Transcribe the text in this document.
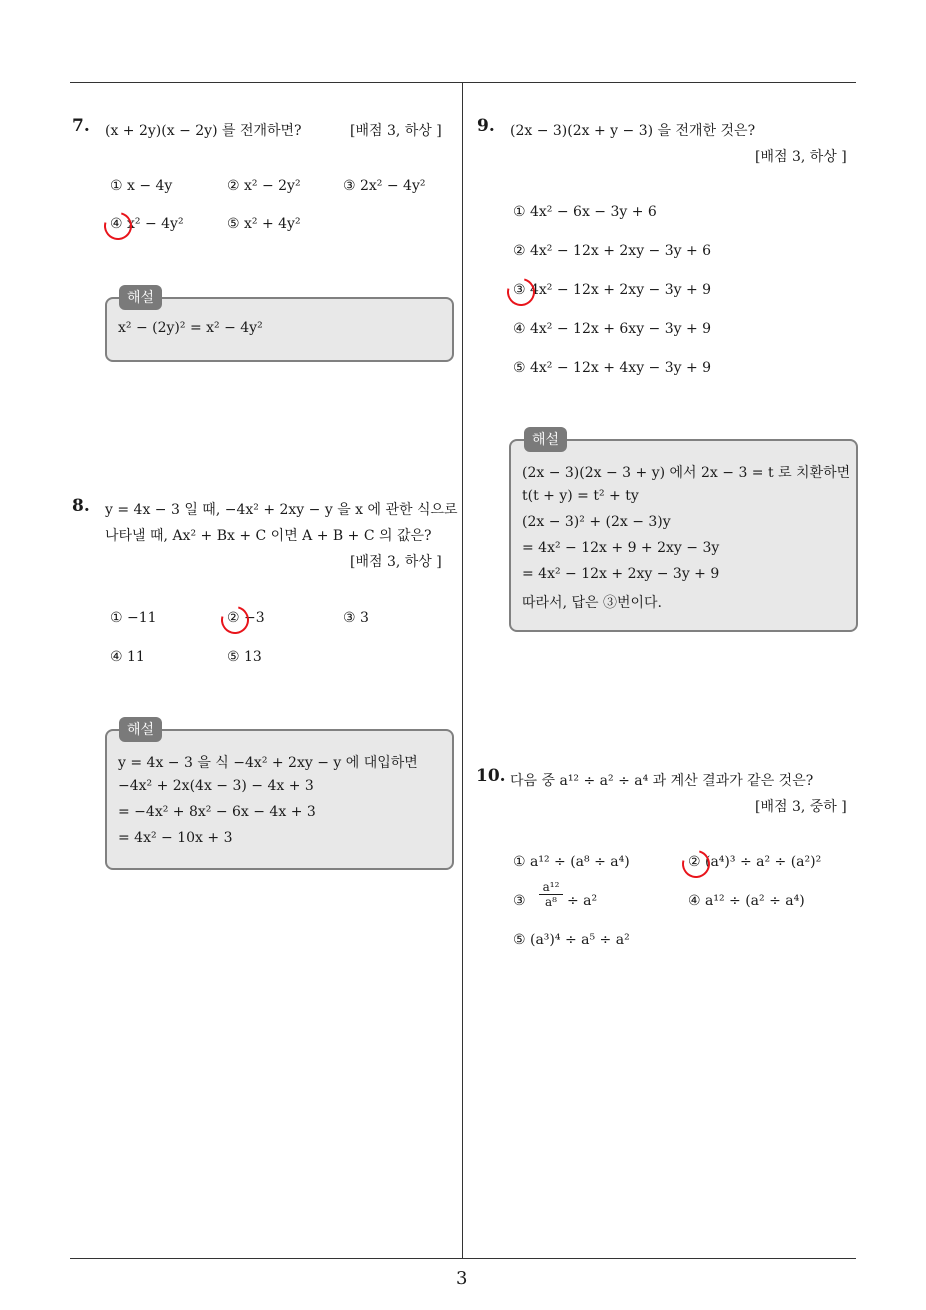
7. (x + 2y)(x − 2y) 를 전개하면?	[배점 3, 하상 ]
① x − 4y	② x² − 2y²	③ 2x² − 4y²
④ x² − 4y²	⑤ x² + 4y²
해설
x² − (2y)² = x² − 4y²
8. y = 4x − 3 일 때, −4x² + 2xy − y 을 x 에 관한 식으로
나타낼 때, Ax² + Bx + C 이면 A + B + C 의 값은?
[배점 3, 하상 ]
① −11	② −3	③ 3
④ 11	⑤ 13
해설
y = 4x − 3 을 식 −4x² + 2xy − y 에 대입하면
−4x² + 2x(4x − 3) − 4x + 3
= −4x² + 8x² − 6x − 4x + 3
= 4x² − 10x + 3
9. (2x − 3)(2x + y − 3) 을 전개한 것은?
[배점 3, 하상 ]
① 4x² − 6x − 3y + 6
② 4x² − 12x + 2xy − 3y + 6
③ 4x² − 12x + 2xy − 3y + 9
④ 4x² − 12x + 6xy − 3y + 9
⑤ 4x² − 12x + 4xy − 3y + 9
해설
(2x − 3)(2x − 3 + y) 에서 2x − 3 = t 로 치환하면
t(t + y) = t² + ty
(2x − 3)² + (2x − 3)y
= 4x² − 12x + 9 + 2xy − 3y
= 4x² − 12x + 2xy − 3y + 9
따라서, 답은 ③번이다.
10. 다음 중 a¹² ÷ a² ÷ a⁴ 과 계산 결과가 같은 것은?
[배점 3, 중하 ]
① a¹² ÷ (a⁸ ÷ a⁴)	② (a⁴)³ ÷ a² ÷ (a²)²
③ $\frac{\text{a¹²}}{\text{a⁸}} \div a^2$	④ a¹² ÷ (a² ÷ a⁴)
⑤ (a³)⁴ ÷ a⁵ ÷ a²
3
